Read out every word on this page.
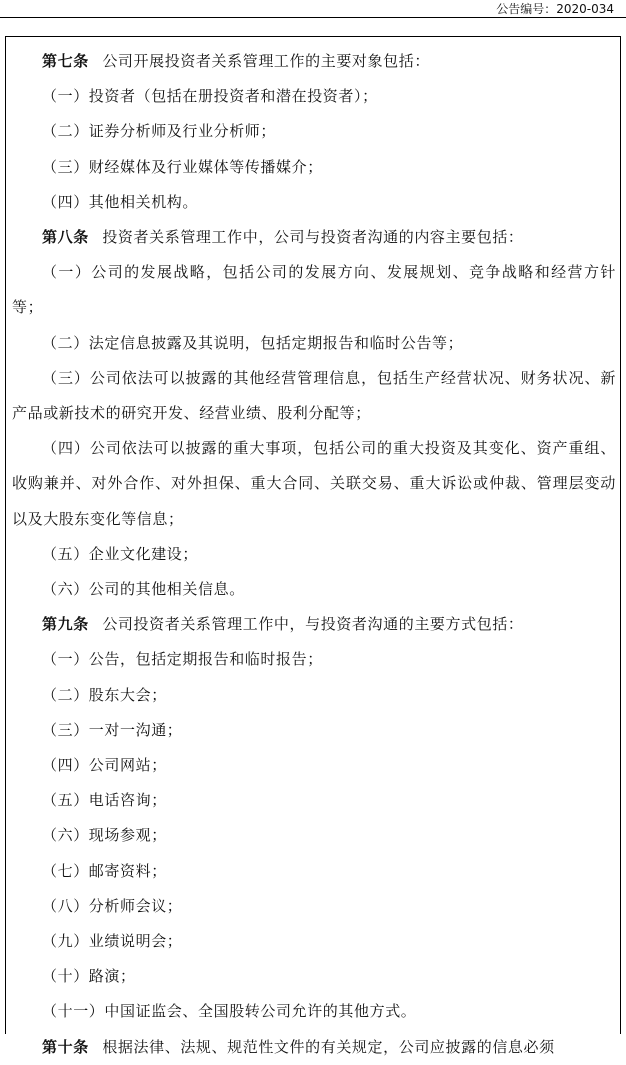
公告编号：2020-034

第七条 公司开展投资者关系管理工作的主要对象包括：

（一）投资者（包括在册投资者和潜在投资者）；

（二）证券分析师及行业分析师；

（三）财经媒体及行业媒体等传播媒介；

（四）其他相关机构。

第八条 投资者关系管理工作中，公司与投资者沟通的内容主要包括：

（一）公司的发展战略，包括公司的发展方向、发展规划、竞争战略和经营方针等；

（二）法定信息披露及其说明，包括定期报告和临时公告等；

（三）公司依法可以披露的其他经营管理信息，包括生产经营状况、财务状况、新产品或新技术的研究开发、经营业绩、股利分配等；

（四）公司依法可以披露的重大事项，包括公司的重大投资及其变化、资产重组、收购兼并、对外合作、对外担保、重大合同、关联交易、重大诉讼或仲裁、管理层变动以及大股东变化等信息；

（五）企业文化建设；

（六）公司的其他相关信息。

第九条 公司投资者关系管理工作中，与投资者沟通的主要方式包括：

（一）公告，包括定期报告和临时报告；

（二）股东大会；

（三）一对一沟通；

（四）公司网站；

（五）电话咨询；

（六）现场参观；

（七）邮寄资料；

（八）分析师会议；

（九）业绩说明会；

（十）路演；

（十一）中国证监会、全国股转公司允许的其他方式。

第十条 根据法律、法规、规范性文件的有关规定，公司应披露的信息必须
